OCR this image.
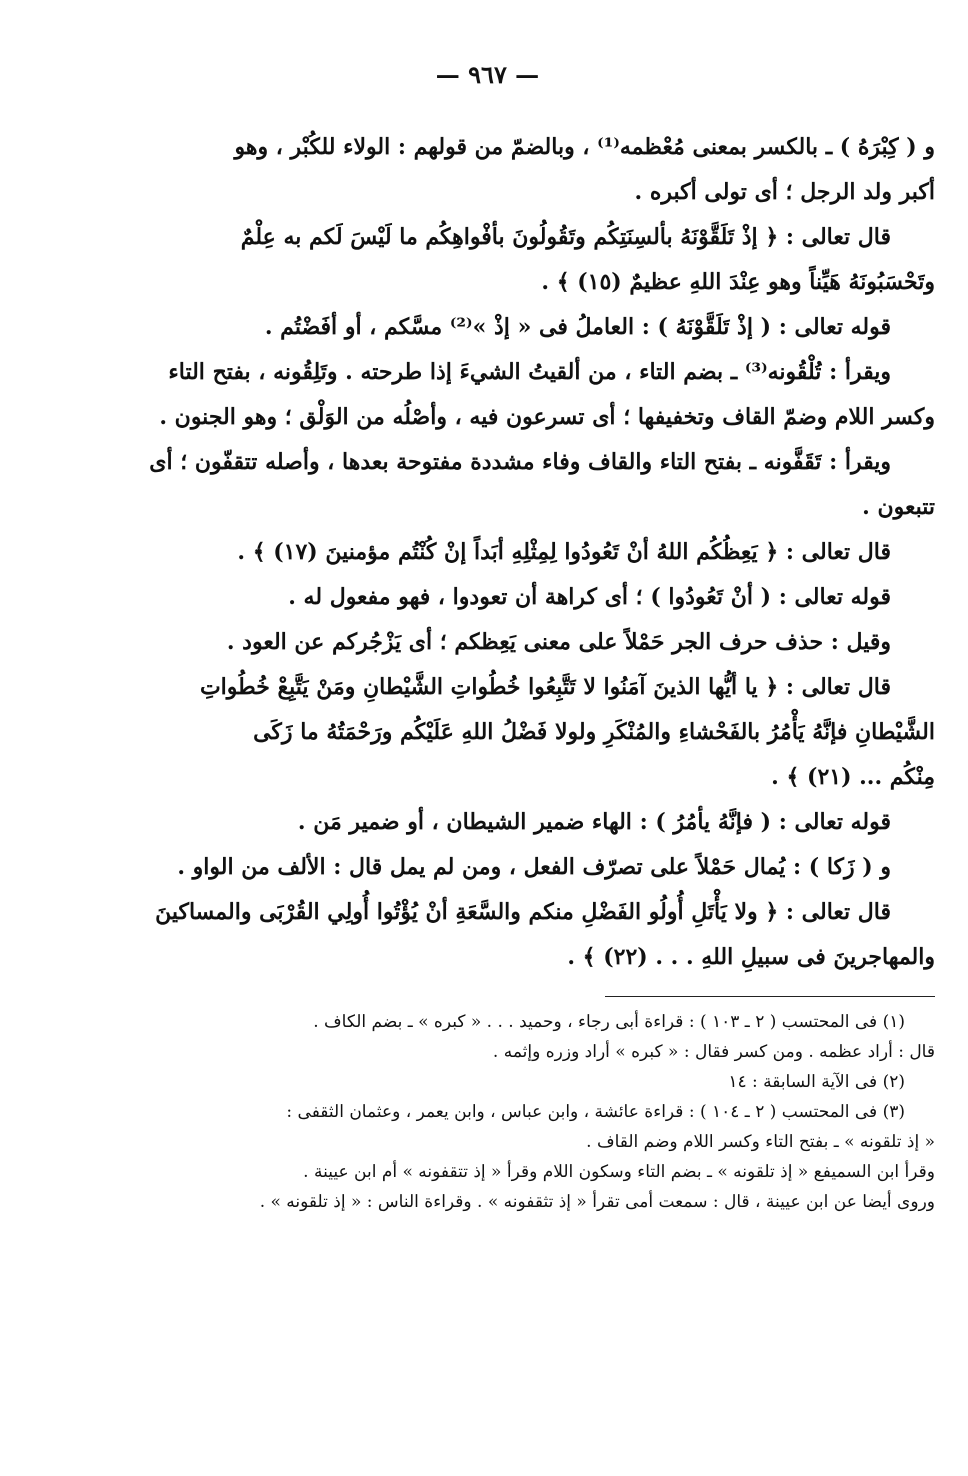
— ٩٦٧ —

و ( كِبْرَهُ ) ـ بالكسر بمعنى مُعْظمه⁽¹⁾ ، وبالضمّ من قولهم : الولاء للكُبْر ، وهو

أكبر ولد الرجل ؛ أى تولى أكبره .

قال تعالى : ﴿ إذْ تَلَقَّوْنَهُ بألسِنَتِكُم وتَقُولُونَ بأفْواهِكُم ما لَيْسَ لَكم به عِلْمٌ

وتَحْسَبُونَهُ هَيِّناً وهو عِنْدَ اللهِ عظيمٌ (١٥) ﴾ .

قوله تعالى : ( إذْ تَلَقَّوْنَهُ ) : العاملُ فى « إذْ »⁽²⁾ مسَّكم ، أو أفَضْتُم .

ويقرأ : تُلْقُونه⁽³⁾ ـ بضم التاء ، من ألقيتُ الشيءَ إذا طرحته . وتَلِقُونه ، بفتح التاء

وكسر اللام وضمّ القاف وتخفيفها ؛ أى تسرعون فيه ، وأصْلُه من الوَلْق ؛ وهو الجنون .

ويقرأ : تَقَفَّونه ـ بفتح التاء والقاف وفاء مشددة مفتوحة بعدها ، وأصله تتقفّون ؛ أى

تتبعون .

قال تعالى : ﴿ يَعِظُكُم اللهُ أنْ تَعُودُوا لِمِثْلِهِ أبَداً إنْ كُنْتُم مؤمنينَ (١٧) ﴾ .

قوله تعالى : ( أنْ تَعُودُوا ) ؛ أى كراهة أن تعودوا ، فهو مفعول له .

وقيل : حذف حرف الجر حَمْلاً على معنى يَعِظكم ؛ أى يَزْجُركم عن العود .

قال تعالى : ﴿ يا أيُّها الذينَ آمَنُوا لا تَتَّبِعُوا خُطُواتِ الشَّيْطانِ ومَنْ يَتَّبِعْ خُطُواتِ

الشَّيْطانِ فإنَّهُ يَأْمُرُ بالفَحْشاءِ والمُنْكَرِ ولولا فَضْلُ اللهِ عَلَيْكُم ورَحْمَتُهُ ما زَكَى

مِنْكُم ... (٢١) ﴾ .

قوله تعالى : ( فإنَّهُ يأمُرُ ) : الهاء ضمير الشيطان ، أو ضمير مَن .

و ( زَكا ) : يُمال حَمْلاً على تصرّف الفعل ، ومن لم يمل قال : الألف من الواو .

قال تعالى : ﴿ ولا يَأْتَلِ أُولُو الفَضْلِ منكم والسَّعَةِ أنْ يُؤْتُوا أُولِي القُرْبَى والمساكينَ

والمهاجرينَ فى سبيلِ اللهِ . . . (٢٢) ﴾ .

(١) فى المحتسب ( ٢ ـ ١٠٣ ) : قراءة أبى رجاء ، وحميد . . . « كبره » ـ بضم الكاف .

قال : أراد عظمه . ومن كسر فقال : « كبره » أراد وزره وإثمه .

(٢) فى الآية السابقة : ١٤

(٣) فى المحتسب ( ٢ ـ ١٠٤ ) : قراءة عائشة ، وابن عباس ، وابن يعمر ، وعثمان الثقفى :

« إذ تلقونه » ـ بفتح التاء وكسر اللام وضم القاف .

وقرأ ابن السميفع « إذ تلقونه » ـ بضم التاء وسكون اللام وقرأ « إذ تتقفونه » أم ابن عيينة .

وروى أيضا عن ابن عيينة ، قال : سمعت أمى تقرأ « إذ تثقفونه » . وقراءة الناس : « إذ تلقونه » .
